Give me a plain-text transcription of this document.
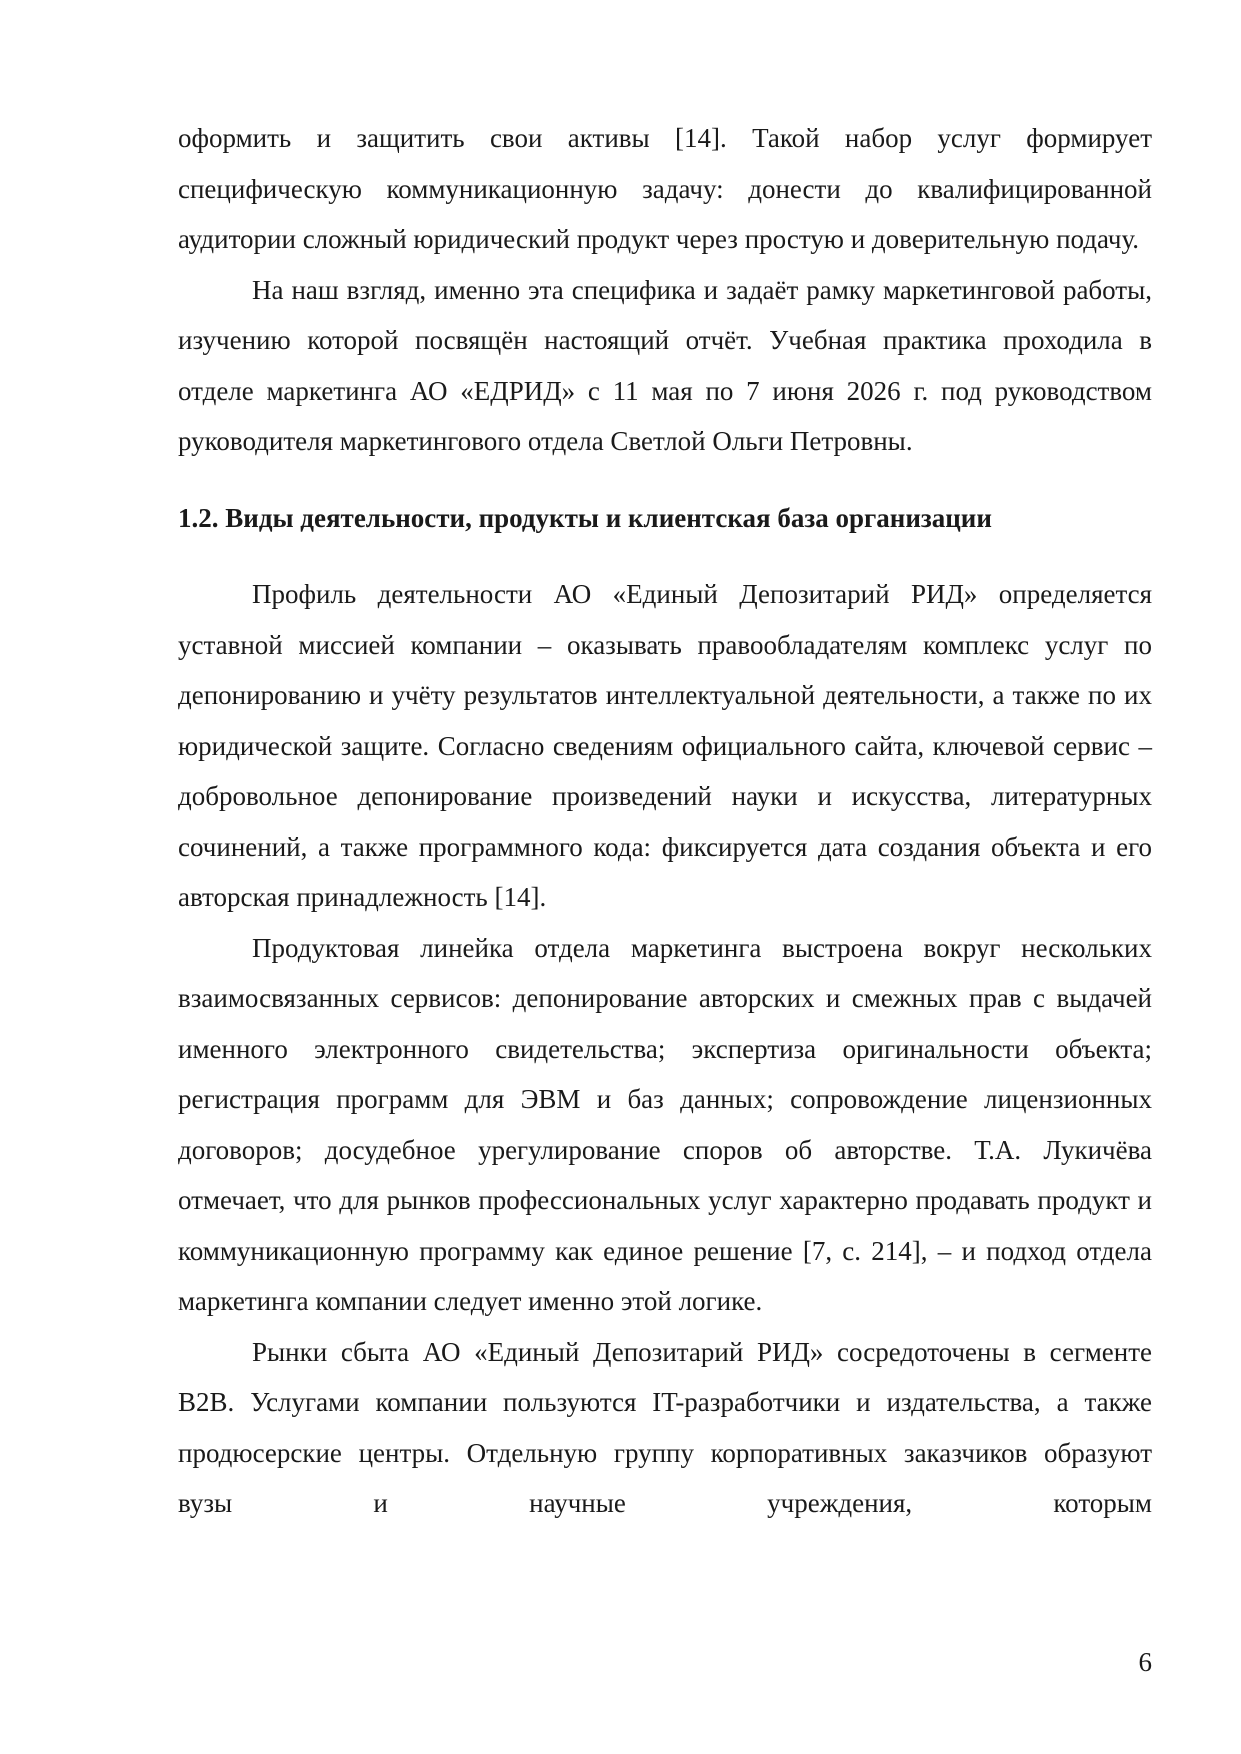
оформить и защитить свои активы [14]. Такой набор услуг формирует специфическую коммуникационную задачу: донести до квалифицированной аудитории сложный юридический продукт через простую и доверительную подачу.

На наш взгляд, именно эта специфика и задаёт рамку маркетинговой работы, изучению которой посвящён настоящий отчёт. Учебная практика проходила в отделе маркетинга АО «ЕДРИД» с 11 мая по 7 июня 2026 г. под руководством руководителя маркетингового отдела Светлой Ольги Петровны.

1.2. Виды деятельности, продукты и клиентская база организации

Профиль деятельности АО «Единый Депозитарий РИД» определяется уставной миссией компании – оказывать правообладателям комплекс услуг по депонированию и учёту результатов интеллектуальной деятельности, а также по их юридической защите. Согласно сведениям официального сайта, ключевой сервис – добровольное депонирование произведений науки и искусства, литературных сочинений, а также программного кода: фиксируется дата создания объекта и его авторская принадлежность [14].

Продуктовая линейка отдела маркетинга выстроена вокруг нескольких взаимосвязанных сервисов: депонирование авторских и смежных прав с выдачей именного электронного свидетельства; экспертиза оригинальности объекта; регистрация программ для ЭВМ и баз данных; сопровождение лицензионных договоров; досудебное урегулирование споров об авторстве. Т.А. Лукичёва отмечает, что для рынков профессиональных услуг характерно продавать продукт и коммуникационную программу как единое решение [7, с. 214], – и подход отдела маркетинга компании следует именно этой логике.

Рынки сбыта АО «Единый Депозитарий РИД» сосредоточены в сегменте B2B. Услугами компании пользуются IT-разработчики и издательства, а также продюсерские центры. Отдельную группу корпоративных заказчиков образуют вузы и научные учреждения, которым

6
